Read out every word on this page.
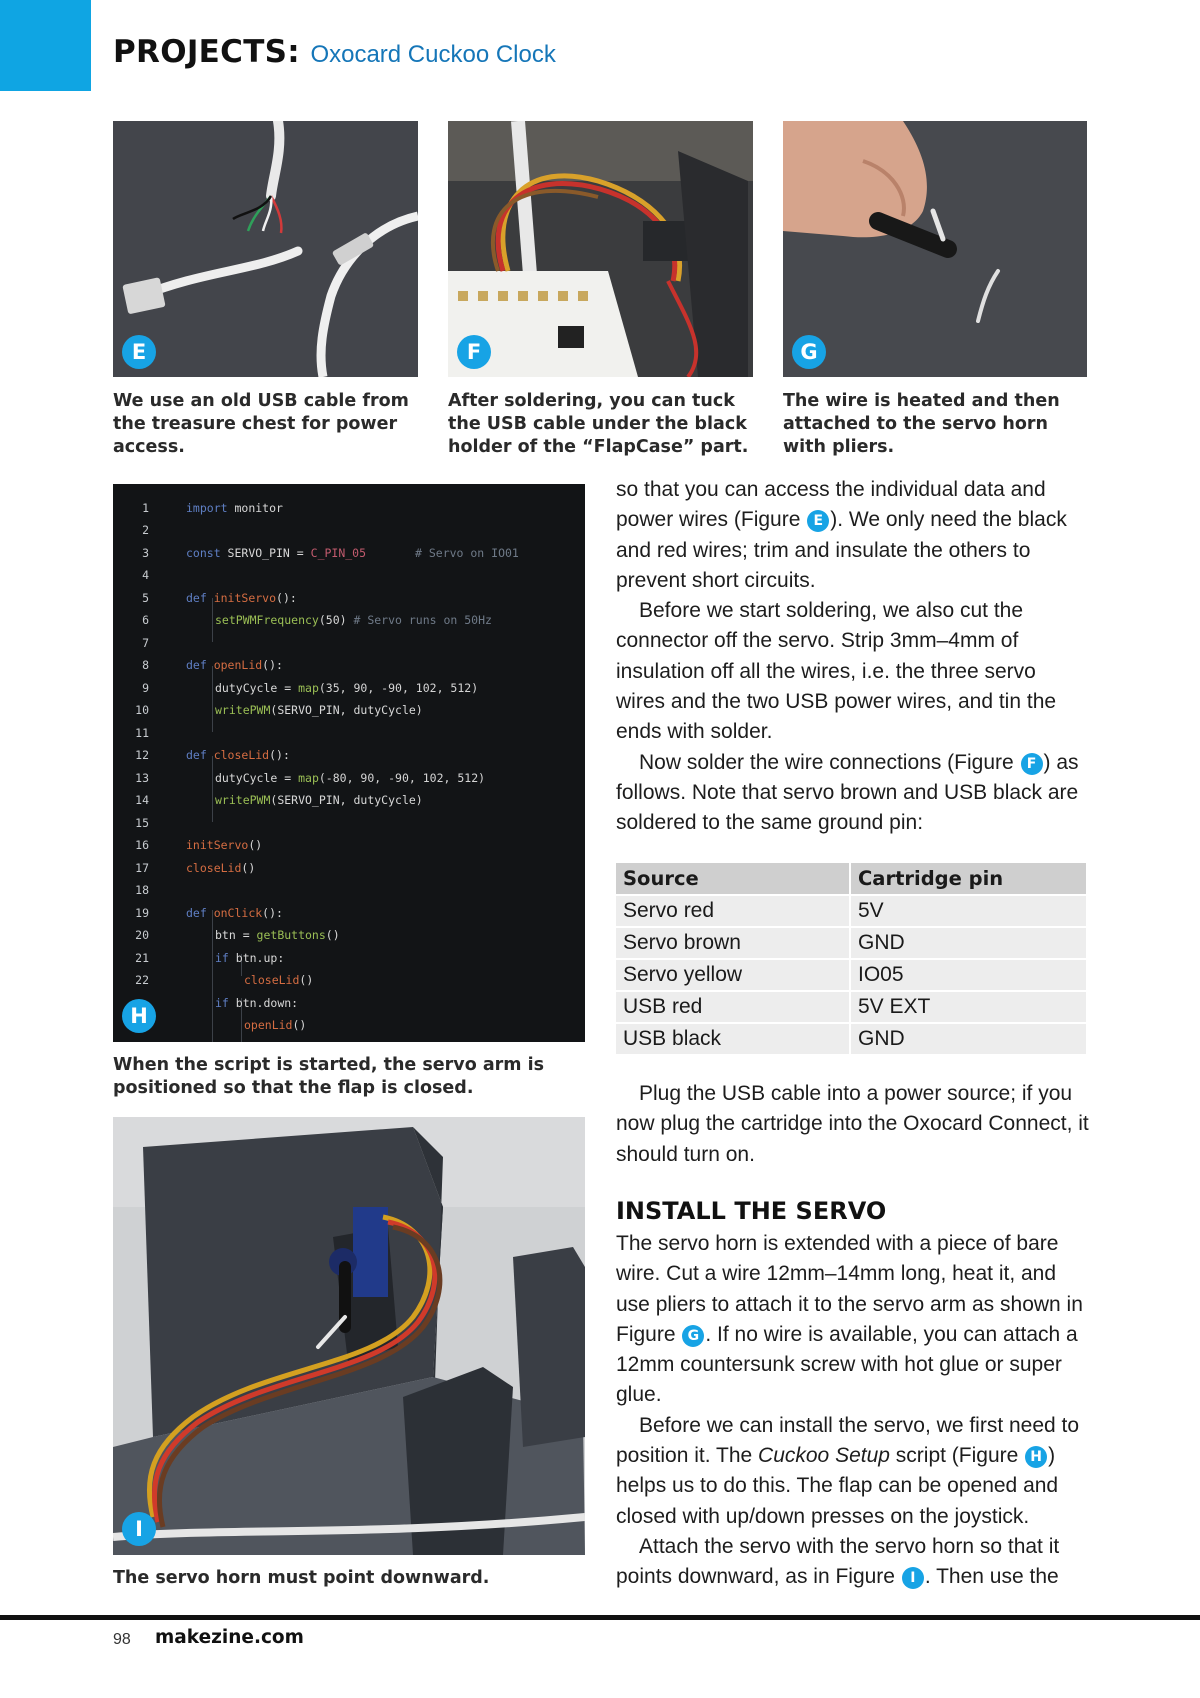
PROJECTS: Oxocard Cuckoo Clock
E
We use an old USB cable from the treasure chest for power access.
F
After soldering, you can tuck the USB cable under the black holder of the “FlapCase” part.
G
The wire is heated and then attached to the servo horn with pliers.
1	import monitor
2
3	const SERVO_PIN = C_PIN_05	# Servo on IO01
4
5	def initServo():
6	setPWMFrequency(50) # Servo runs on 50Hz
7
8	def openLid():
9	dutyCycle = map(35, 90, -90, 102, 512)
10	writePWM(SERVO_PIN, dutyCycle)
11
12	def closeLid():
13	dutyCycle = map(-80, 90, -90, 102, 512)
14	writePWM(SERVO_PIN, dutyCycle)
15
16	initServo()
17	closeLid()
18
19	def onClick():
20	btn = getButtons()
21	if btn.up:
22	closeLid()
if btn.down:
openLid()
H
When the script is started, the servo arm is positioned so that the flap is closed.
I
The servo horn must point downward.

so that you can access the individual data and power wires (Figure E ). We only need the black and red wires; trim and insulate the others to prevent short circuits.

Before we start soldering, we also cut the connector off the servo. Strip 3mm–4mm of insulation off all the wires, i.e. the three servo wires and the two USB power wires, and tin the ends with solder.

Now solder the wire connections (Figure F ) as follows. Note that servo brown and USB black are soldered to the same ground pin:

Source	Cartridge pin
Servo red	5V
Servo brown	GND
Servo yellow	IO05
USB red	5V EXT
USB black	GND

Plug the USB cable into a power source; if you now plug the cartridge into the Oxocard Connect, it should turn on.

INSTALL THE SERVO

The servo horn is extended with a piece of bare wire. Cut a wire 12mm–14mm long, heat it, and use pliers to attach it to the servo arm as shown in Figure G . If no wire is available, you can attach a 12mm countersunk screw with hot glue or super glue.

Before we can install the servo, we first need to position it. The Cuckoo Setup script (Figure H ) helps us to do this. The flap can be opened and closed with up/down presses on the joystick.

Attach the servo with the servo horn so that it points downward, as in Figure I . Then use the

98 makezine.com
